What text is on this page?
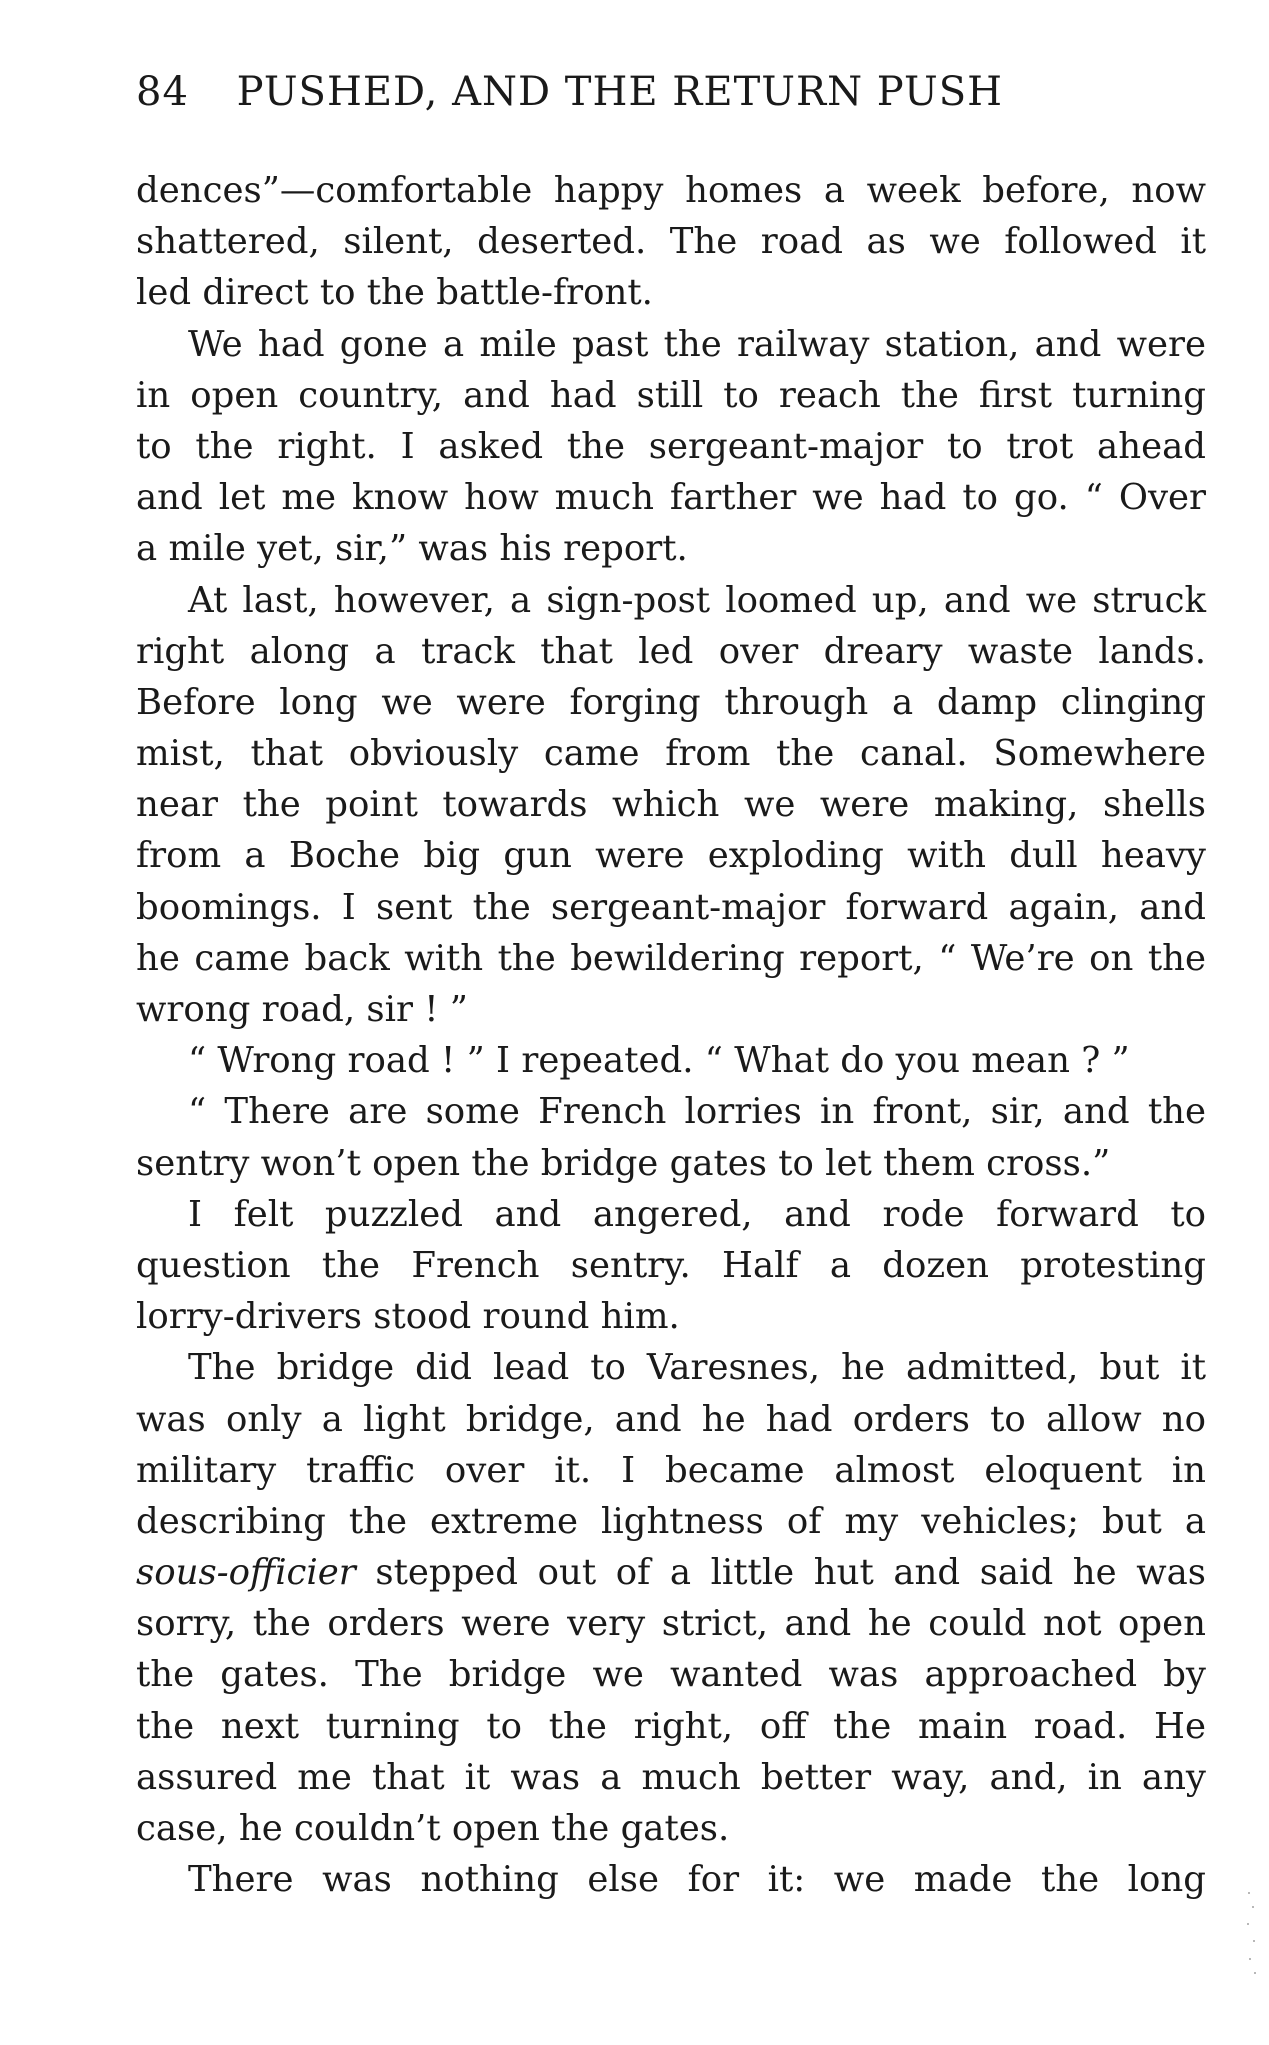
84 PUSHED, AND THE RETURN PUSH
dences”—comfortable happy homes a week before, now
shattered, silent, deserted. The road as we followed it
led direct to the battle-front.
We had gone a mile past the railway station, and were
in open country, and had still to reach the first turning
to the right. I asked the sergeant-major to trot ahead
and let me know how much farther we had to go. “ Over
a mile yet, sir,” was his report.
At last, however, a sign-post loomed up, and we struck
right along a track that led over dreary waste lands.
Before long we were forging through a damp clinging
mist, that obviously came from the canal. Somewhere
near the point towards which we were making, shells
from a Boche big gun were exploding with dull heavy
boomings. I sent the sergeant-major forward again, and
he came back with the bewildering report, “ We’re on the
wrong road, sir ! ”
“ Wrong road ! ” I repeated. “ What do you mean ? ”
“ There are some French lorries in front, sir, and the
sentry won’t open the bridge gates to let them cross.”
I felt puzzled and angered, and rode forward to
question the French sentry. Half a dozen protesting
lorry-drivers stood round him.
The bridge did lead to Varesnes, he admitted, but it
was only a light bridge, and he had orders to allow no
military traffic over it. I became almost eloquent in
describing the extreme lightness of my vehicles; but a
sous-officier stepped out of a little hut and said he was
sorry, the orders were very strict, and he could not open
the gates. The bridge we wanted was approached by
the next turning to the right, off the main road. He
assured me that it was a much better way, and, in any
case, he couldn’t open the gates.
There was nothing else for it: we made the long
